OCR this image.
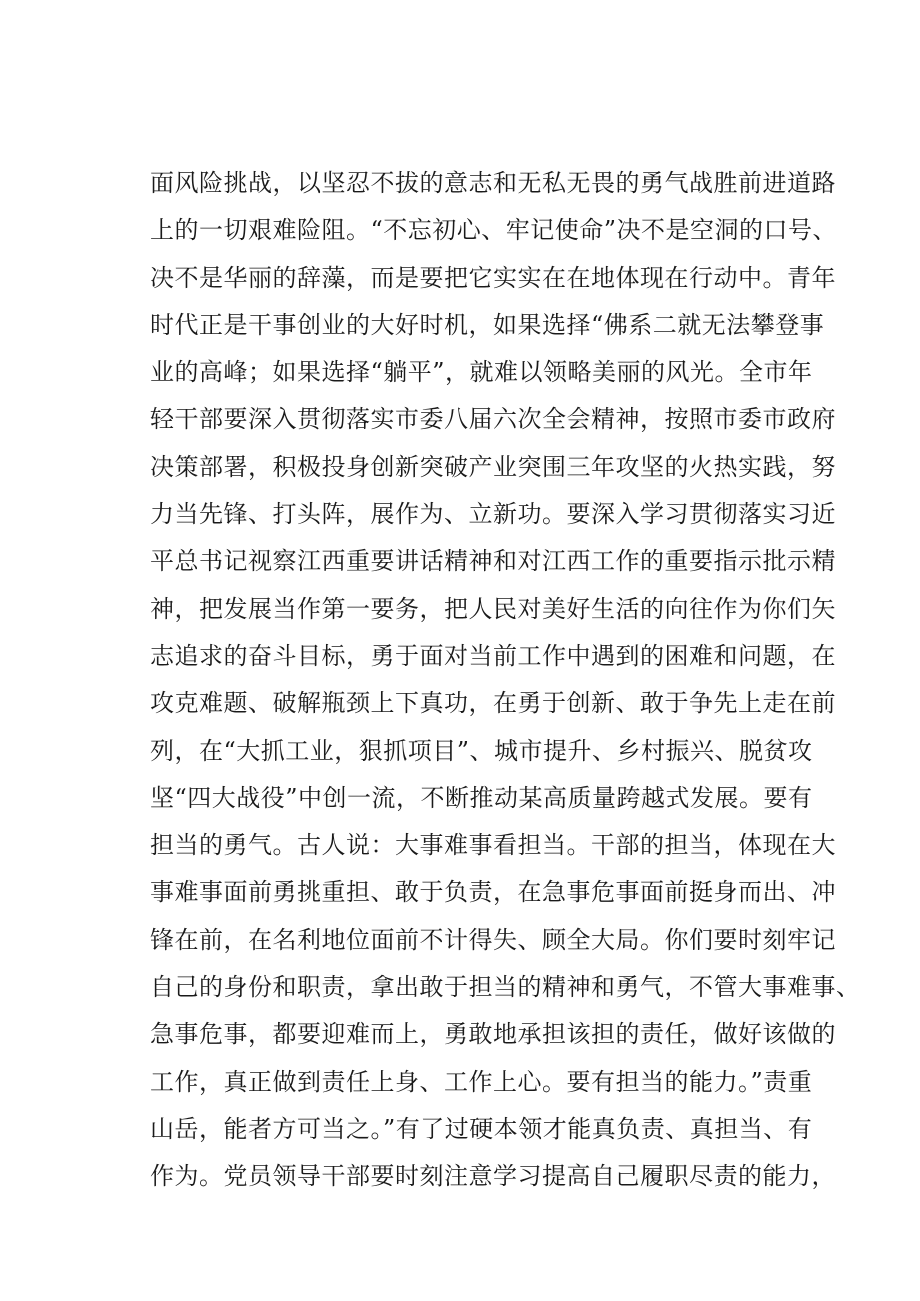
面风险挑战，以坚忍不拔的意志和无私无畏的勇气战胜前进道路
上的一切艰难险阻。“不忘初心、牢记使命”决不是空洞的口号、
决不是华丽的辞藻，而是要把它实实在在地体现在行动中。青年
时代正是干事创业的大好时机，如果选择“佛系二就无法攀登事
业的高峰；如果选择“躺平”，就难以领略美丽的风光。全市年
轻干部要深入贯彻落实市委八届六次全会精神，按照市委市政府
决策部署，积极投身创新突破产业突围三年攻坚的火热实践，努
力当先锋、打头阵，展作为、立新功。要深入学习贯彻落实习近
平总书记视察江西重要讲话精神和对江西工作的重要指示批示精
神，把发展当作第一要务，把人民对美好生活的向往作为你们矢
志追求的奋斗目标，勇于面对当前工作中遇到的困难和问题，在
攻克难题、破解瓶颈上下真功，在勇于创新、敢于争先上走在前
列，在“大抓工业，狠抓项目”、城市提升、乡村振兴、脱贫攻
坚“四大战役”中创一流，不断推动某高质量跨越式发展。要有
担当的勇气。古人说：大事难事看担当。干部的担当，体现在大
事难事面前勇挑重担、敢于负责，在急事危事面前挺身而出、冲
锋在前，在名利地位面前不计得失、顾全大局。你们要时刻牢记
自己的身份和职责，拿出敢于担当的精神和勇气，不管大事难事、
急事危事，都要迎难而上，勇敢地承担该担的责任，做好该做的
工作，真正做到责任上身、工作上心。要有担当的能力。”责重
山岳，能者方可当之。”有了过硬本领才能真负责、真担当、有
作为。党员领导干部要时刻注意学习提高自己履职尽责的能力，
